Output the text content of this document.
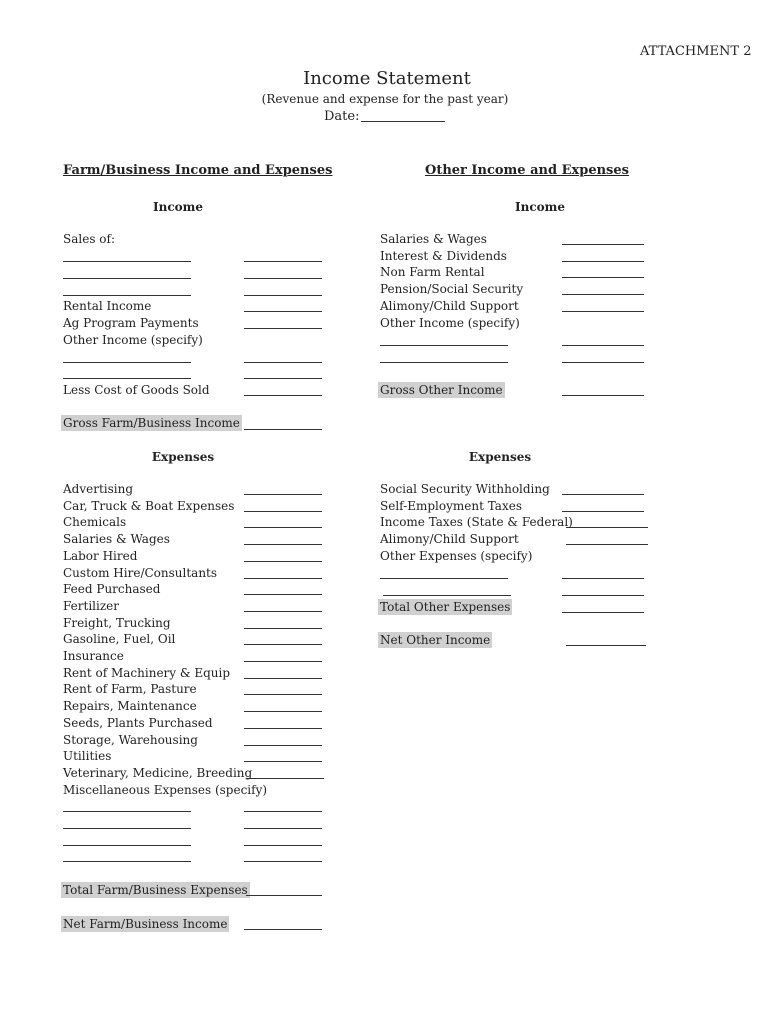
ATTACHMENT 2
Income Statement
(Revenue and expense for the past year)
Date:
Farm/Business Income and Expenses
Income
Sales of:
Rental Income
Ag Program Payments
Other Income (specify)
Less Cost of Goods Sold
Gross Farm/Business Income
Expenses
Advertising
Car, Truck & Boat Expenses
Chemicals
Salaries & Wages
Labor Hired
Custom Hire/Consultants
Feed Purchased
Fertilizer
Freight, Trucking
Gasoline, Fuel, Oil
Insurance
Rent of Machinery & Equip
Rent of Farm, Pasture
Repairs, Maintenance
Seeds, Plants Purchased
Storage, Warehousing
Utilities
Veterinary, Medicine, Breeding
Miscellaneous Expenses (specify)
Total Farm/Business Expenses
Net Farm/Business Income
Other Income and Expenses
Income
Salaries & Wages
Interest & Dividends
Non Farm Rental
Pension/Social Security
Alimony/Child Support
Other Income (specify)
Gross Other Income
Expenses
Social Security Withholding
Self-Employment Taxes
Income Taxes (State & Federal)
Alimony/Child Support
Other Expenses (specify)
Total Other Expenses
Net Other Income
